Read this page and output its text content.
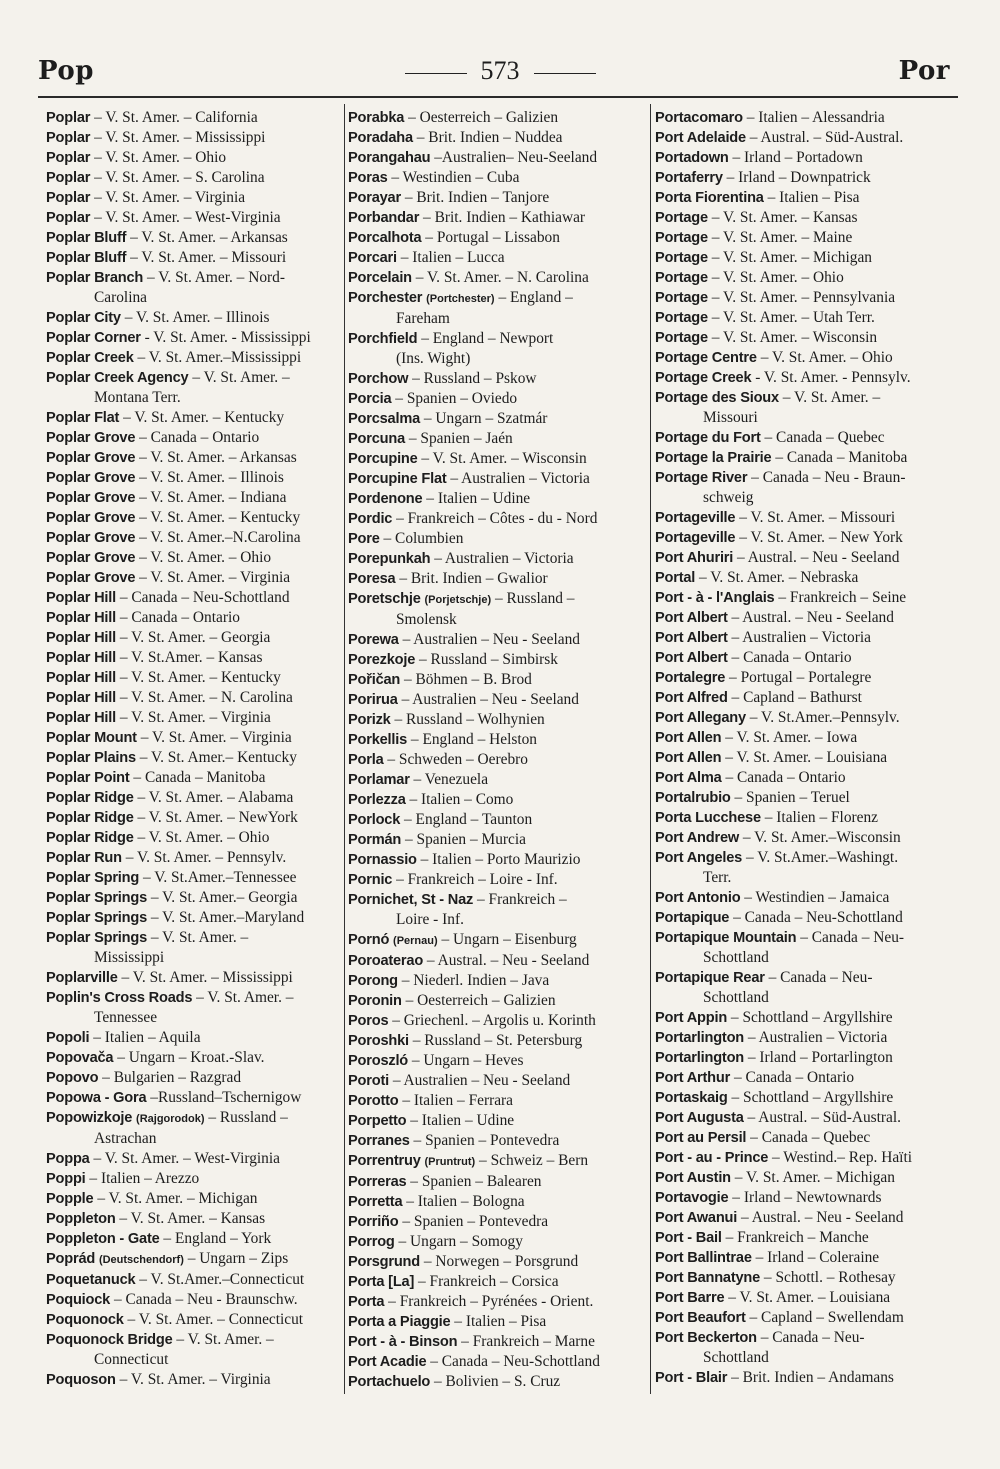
Pop	573	Por
Poplar – V. St. Amer. – California
Poplar – V. St. Amer. – Mississippi
Poplar – V. St. Amer. – Ohio
Poplar – V. St. Amer. – S. Carolina
Poplar – V. St. Amer. – Virginia
Poplar – V. St. Amer. – West-Virginia
Poplar Bluff – V. St. Amer. – Arkansas
Poplar Bluff – V. St. Amer. – Missouri
Poplar Branch – V. St. Amer. – Nord-
Carolina
Poplar City – V. St. Amer. – Illinois
Poplar Corner - V. St. Amer. - Mississippi
Poplar Creek – V. St. Amer.–Mississippi
Poplar Creek Agency – V. St. Amer. –
Montana Terr.
Poplar Flat – V. St. Amer. – Kentucky
Poplar Grove – Canada – Ontario
Poplar Grove – V. St. Amer. – Arkansas
Poplar Grove – V. St. Amer. – Illinois
Poplar Grove – V. St. Amer. – Indiana
Poplar Grove – V. St. Amer. – Kentucky
Poplar Grove – V. St. Amer.–N.Carolina
Poplar Grove – V. St. Amer. – Ohio
Poplar Grove – V. St. Amer. – Virginia
Poplar Hill – Canada – Neu-Schottland
Poplar Hill – Canada – Ontario
Poplar Hill – V. St. Amer. – Georgia
Poplar Hill – V. St.Amer. – Kansas
Poplar Hill – V. St. Amer. – Kentucky
Poplar Hill – V. St. Amer. – N. Carolina
Poplar Hill – V. St. Amer. – Virginia
Poplar Mount – V. St. Amer. – Virginia
Poplar Plains – V. St. Amer.– Kentucky
Poplar Point – Canada – Manitoba
Poplar Ridge – V. St. Amer. – Alabama
Poplar Ridge – V. St. Amer. – NewYork
Poplar Ridge – V. St. Amer. – Ohio
Poplar Run – V. St. Amer. – Pennsylv.
Poplar Spring – V. St.Amer.–Tennessee
Poplar Springs – V. St. Amer.– Georgia
Poplar Springs – V. St. Amer.–Maryland
Poplar Springs – V. St. Amer. –
Mississippi
Poplarville – V. St. Amer. – Mississippi
Poplin's Cross Roads – V. St. Amer. –
Tennessee
Popoli – Italien – Aquila
Popovača – Ungarn – Kroat.-Slav.
Popovo – Bulgarien – Razgrad
Popowa - Gora –Russland–Tschernigow
Popowizkoje (Rajgorodok) – Russland –
Astrachan
Poppa – V. St. Amer. – West-Virginia
Poppi – Italien – Arezzo
Popple – V. St. Amer. – Michigan
Poppleton – V. St. Amer. – Kansas
Poppleton - Gate – England – York
Poprád (Deutschendorf) – Ungarn – Zips
Poquetanuck – V. St.Amer.–Connecticut
Poquiock – Canada – Neu - Braunschw.
Poquonock – V. St. Amer. – Connecticut
Poquonock Bridge – V. St. Amer. –
Connecticut
Poquoson – V. St. Amer. – Virginia
Porabka – Oesterreich – Galizien
Poradaha – Brit. Indien – Nuddea
Porangahau –Australien– Neu-Seeland
Poras – Westindien – Cuba
Porayar – Brit. Indien – Tanjore
Porbandar – Brit. Indien – Kathiawar
Porcalhota – Portugal – Lissabon
Porcari – Italien – Lucca
Porcelain – V. St. Amer. – N. Carolina
Porchester (Portchester) – England –
Fareham
Porchfield – England – Newport
(Ins. Wight)
Porchow – Russland – Pskow
Porcia – Spanien – Oviedo
Porcsalma – Ungarn – Szatmár
Porcuna – Spanien – Jaén
Porcupine – V. St. Amer. – Wisconsin
Porcupine Flat – Australien – Victoria
Pordenone – Italien – Udine
Pordic – Frankreich – Côtes - du - Nord
Pore – Columbien
Porepunkah – Australien – Victoria
Poresa – Brit. Indien – Gwalior
Poretschje (Porjetschje) – Russland –
Smolensk
Porewa – Australien – Neu - Seeland
Porezkoje – Russland – Simbirsk
Pořičan – Böhmen – B. Brod
Porirua – Australien – Neu - Seeland
Porizk – Russland – Wolhynien
Porkellis – England – Helston
Porla – Schweden – Oerebro
Porlamar – Venezuela
Porlezza – Italien – Como
Porlock – England – Taunton
Pormán – Spanien – Murcia
Pornassio – Italien – Porto Maurizio
Pornic – Frankreich – Loire - Inf.
Pornichet, St - Naz – Frankreich –
Loire - Inf.
Pornó (Pernau) – Ungarn – Eisenburg
Poroaterao – Austral. – Neu - Seeland
Porong – Niederl. Indien – Java
Poronin – Oesterreich – Galizien
Poros – Griechenl. – Argolis u. Korinth
Poroshki – Russland – St. Petersburg
Poroszló – Ungarn – Heves
Poroti – Australien – Neu - Seeland
Porotto – Italien – Ferrara
Porpetto – Italien – Udine
Porranes – Spanien – Pontevedra
Porrentruy (Pruntrut) – Schweiz – Bern
Porreras – Spanien – Balearen
Porretta – Italien – Bologna
Porriño – Spanien – Pontevedra
Porrog – Ungarn – Somogy
Porsgrund – Norwegen – Porsgrund
Porta [La] – Frankreich – Corsica
Porta – Frankreich – Pyrénées - Orient.
Porta a Piaggie – Italien – Pisa
Port - à - Binson – Frankreich – Marne
Port Acadie – Canada – Neu-Schottland
Portachuelo – Bolivien – S. Cruz
Portacomaro – Italien – Alessandria
Port Adelaide – Austral. – Süd-Austral.
Portadown – Irland – Portadown
Portaferry – Irland – Downpatrick
Porta Fiorentina – Italien – Pisa
Portage – V. St. Amer. – Kansas
Portage – V. St. Amer. – Maine
Portage – V. St. Amer. – Michigan
Portage – V. St. Amer. – Ohio
Portage – V. St. Amer. – Pennsylvania
Portage – V. St. Amer. – Utah Terr.
Portage – V. St. Amer. – Wisconsin
Portage Centre – V. St. Amer. – Ohio
Portage Creek - V. St. Amer. - Pennsylv.
Portage des Sioux – V. St. Amer. –
Missouri
Portage du Fort – Canada – Quebec
Portage la Prairie – Canada – Manitoba
Portage River – Canada – Neu - Braun-
schweig
Portageville – V. St. Amer. – Missouri
Portageville – V. St. Amer. – New York
Port Ahuriri – Austral. – Neu - Seeland
Portal – V. St. Amer. – Nebraska
Port - à - l'Anglais – Frankreich – Seine
Port Albert – Austral. – Neu - Seeland
Port Albert – Australien – Victoria
Port Albert – Canada – Ontario
Portalegre – Portugal – Portalegre
Port Alfred – Capland – Bathurst
Port Allegany – V. St.Amer.–Pennsylv.
Port Allen – V. St. Amer. – Iowa
Port Allen – V. St. Amer. – Louisiana
Port Alma – Canada – Ontario
Portalrubio – Spanien – Teruel
Porta Lucchese – Italien – Florenz
Port Andrew – V. St. Amer.–Wisconsin
Port Angeles – V. St.Amer.–Washingt.
Terr.
Port Antonio – Westindien – Jamaica
Portapique – Canada – Neu-Schottland
Portapique Mountain – Canada – Neu-
Schottland
Portapique Rear – Canada – Neu-
Schottland
Port Appin – Schottland – Argyllshire
Portarlington – Australien – Victoria
Portarlington – Irland – Portarlington
Port Arthur – Canada – Ontario
Portaskaig – Schottland – Argyllshire
Port Augusta – Austral. – Süd-Austral.
Port au Persil – Canada – Quebec
Port - au - Prince – Westind.– Rep. Haïti
Port Austin – V. St. Amer. – Michigan
Portavogie – Irland – Newtownards
Port Awanui – Austral. – Neu - Seeland
Port - Bail – Frankreich – Manche
Port Ballintrae – Irland – Coleraine
Port Bannatyne – Schottl. – Rothesay
Port Barre – V. St. Amer. – Louisiana
Port Beaufort – Capland – Swellendam
Port Beckerton – Canada – Neu-
Schottland
Port - Blair – Brit. Indien – Andamans
